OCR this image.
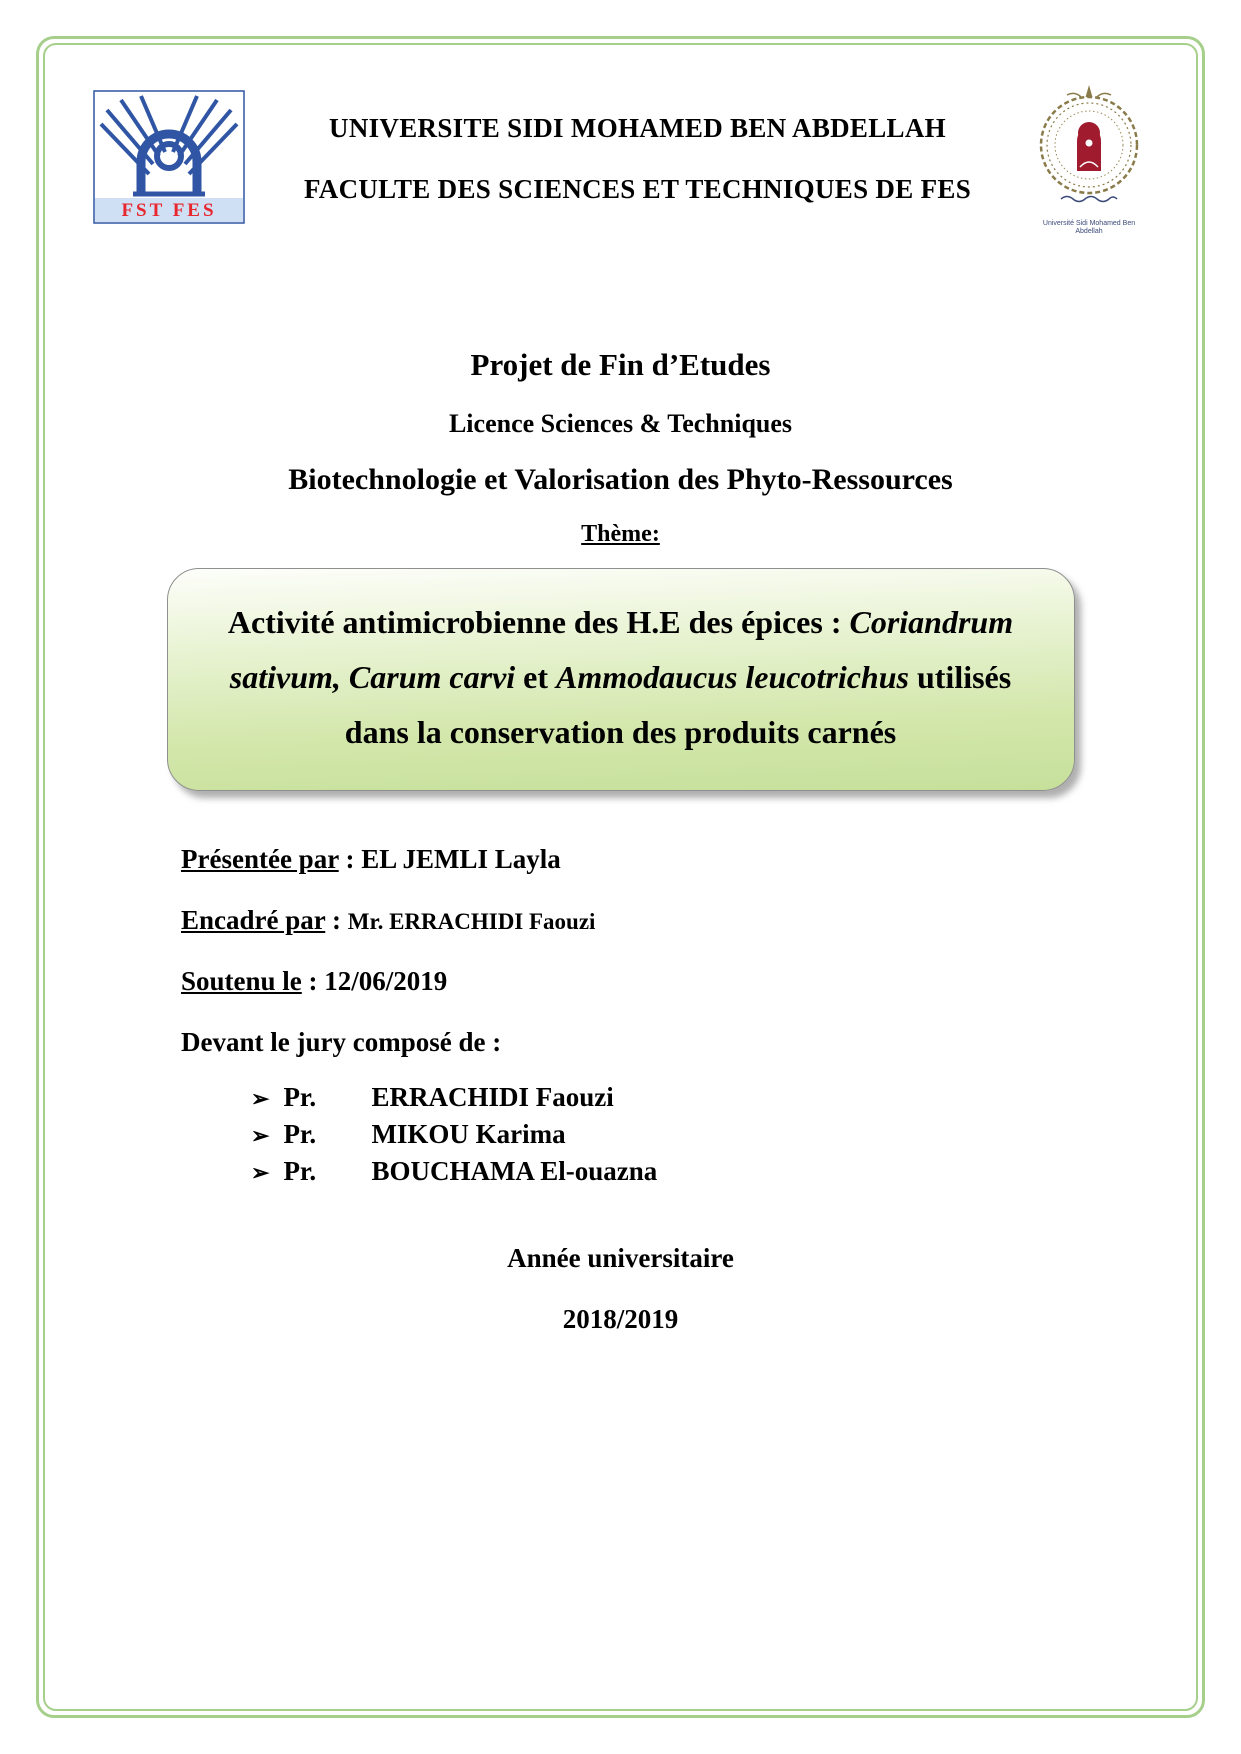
FST FES
UNIVERSITE SIDI MOHAMED BEN ABDELLAH
FACULTE DES SCIENCES ET TECHNIQUES DE FES
Université Sidi Mohamed Ben Abdellah
Projet de Fin d’Etudes
Licence Sciences & Techniques
Biotechnologie et Valorisation des Phyto-Ressources
Thème:
Activité antimicrobienne des H.E des épices : Coriandrum sativum, Carum carvi et Ammodaucus leucotrichus utilisés dans la conservation des produits carnés
Présentée par : EL JEMLI Layla
Encadré par : Mr. ERRACHIDI Faouzi
Soutenu le : 12/06/2019
Devant le jury composé de :
➢ Pr.	ERRACHIDI Faouzi
➢ Pr.	MIKOU Karima
➢ Pr.	BOUCHAMA El-ouazna
Année universitaire
2018/2019
